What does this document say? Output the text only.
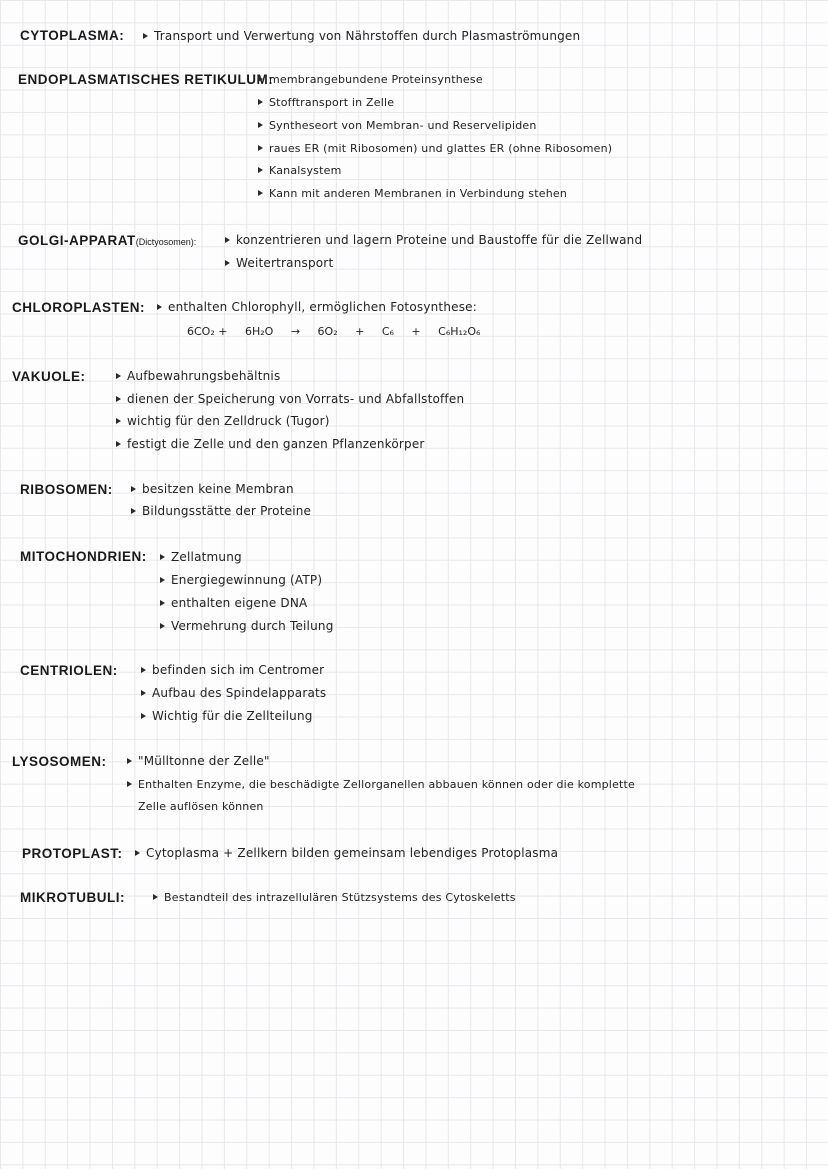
CYTOPLASMA:	Transport und Verwertung von Nährstoffen durch Plasmaströmungen
ENDOPLASMATISCHES RETIKULUM:
membrangebundene Proteinsynthese
Stofftransport in Zelle
Syntheseort von Membran- und Reservelipiden
raues ER (mit Ribosomen) und glattes ER (ohne Ribosomen)
Kanalsystem
Kann mit anderen Membranen in Verbindung stehen
GOLGI-APPARAT(Dictyosomen):	konzentrieren und lagern Proteine und Baustoffe für die Zellwand
Weitertransport
CHLOROPLASTEN:	enthalten Chlorophyll, ermöglichen Fotosynthese:
6CO₂ + 6H₂O → 6O₂ + C₆ + C₆H₁₂O₆
VAKUOLE:	Aufbewahrungsbehältnis
dienen der Speicherung von Vorrats- und Abfallstoffen
wichtig für den Zelldruck (Tugor)
festigt die Zelle und den ganzen Pflanzenkörper
RIBOSOMEN:	besitzen keine Membran
Bildungsstätte der Proteine
MITOCHONDRIEN:	Zellatmung
Energiegewinnung (ATP)
enthalten eigene DNA
Vermehrung durch Teilung
CENTRIOLEN:	befinden sich im Centromer
Aufbau des Spindelapparats
Wichtig für die Zellteilung
LYSOSOMEN:	"Mülltonne der Zelle"
Enthalten Enzyme, die beschädigte Zellorganellen abbauen können oder die komplette
Zelle auflösen können
PROTOPLAST:	Cytoplasma + Zellkern bilden gemeinsam lebendiges Protoplasma
MIKROTUBULI:	Bestandteil des intrazellulären Stützsystems des Cytoskeletts
